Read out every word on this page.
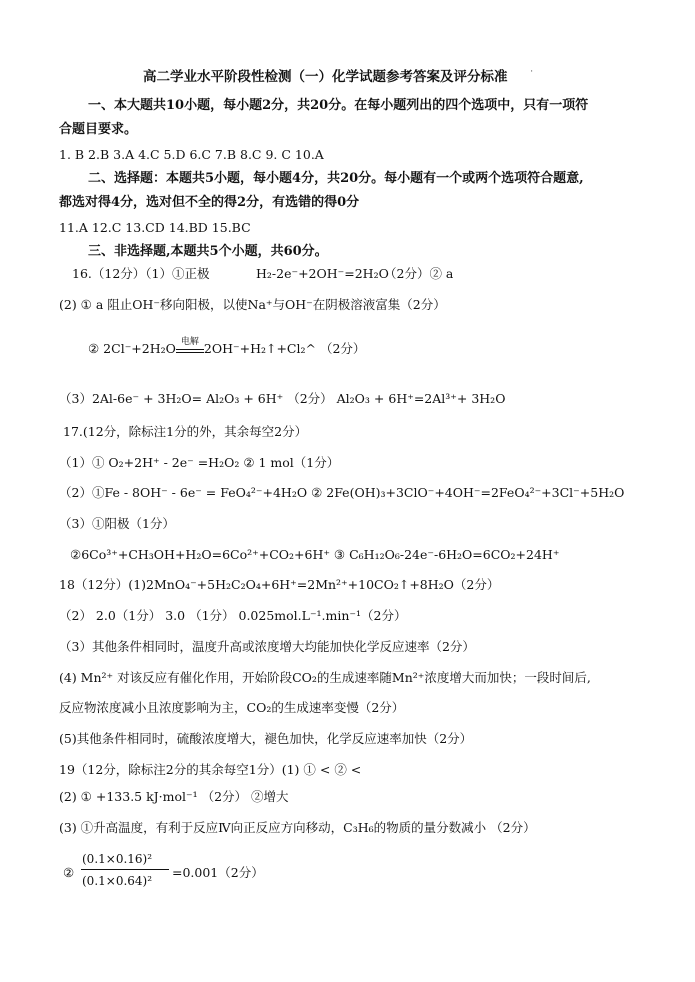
高二学业水平阶段性检测（一）化学试题参考答案及评分标准	'
一、本大题共10小题，每小题2分，共20分。在每小题列出的四个选项中，只有一项符
合题目要求。
1. B 2.B 3.A 4.C 5.D 6.C 7.B 8.C 9. C 10.A
二、选择题：本题共5小题，每小题4分，共20分。每小题有一个或两个选项符合题意,
都选对得4分，选对但不全的得2分，有选错的得0分
11.A 12.C 13.CD 14.BD 15.BC
三、非选择题,本题共5个小题，共60分。
16.（12分）（1）①正极	H₂-2e⁻+2OH⁻=2H₂O
（2分）② a
(2) ① a 阻止OH⁻移向阳极，以使Na⁺与OH⁻在阴极溶液富集（2分）
② 2Cl⁻+2H₂O 电解 2OH⁻+H₂↑+Cl₂^ （2分）
（3）2Al-6e⁻ + 3H₂O= Al₂O₃ + 6H⁺ （2分） Al₂O₃ + 6H⁺=2Al³⁺+ 3H₂O
17.(12分，除标注1分的外，其余每空2分）
（1）① O₂+2H⁺ - 2e⁻ =H₂O₂ ② 1 mol（1分）
（2）①Fe - 8OH⁻ - 6e⁻ = FeO₄²⁻+4H₂O ② 2Fe(OH)₃+3ClO⁻+4OH⁻=2FeO₄²⁻+3Cl⁻+5H₂O
（3）①阳极（1分）
②6Co³⁺+CH₃OH+H₂O=6Co²⁺+CO₂+6H⁺ ③ C₆H₁₂O₆-24e⁻-6H₂O=6CO₂+24H⁺
18（12分）(1)2MnO₄⁻+5H₂C₂O₄+6H⁺=2Mn²⁺+10CO₂↑+8H₂O（2分）
（2） 2.0（1分） 3.0 （1分） 0.025mol.L⁻¹.min⁻¹（2分）
（3）其他条件相同时，温度升高或浓度增大均能加快化学反应速率（2分）
(4) Mn²⁺ 对该反应有催化作用，开始阶段CO₂的生成速率随Mn²⁺浓度增大而加快；一段时间后,
反应物浓度减小且浓度影响为主，CO₂的生成速率变慢（2分）
(5)其他条件相同时，硫酸浓度增大，褪色加快，化学反应速率加快（2分）
19（12分，除标注2分的其余每空1分）(1) ① < ② <
(2) ① +133.5 kJ·mol⁻¹ （2分） ②增大
(3) ①升高温度，有利于反应Ⅳ向正反应方向移动，C₃H₆的物质的量分数减小 （2分）
②
(0.1×0.16)²
(0.1×0.64)²
=0.001（2分）
